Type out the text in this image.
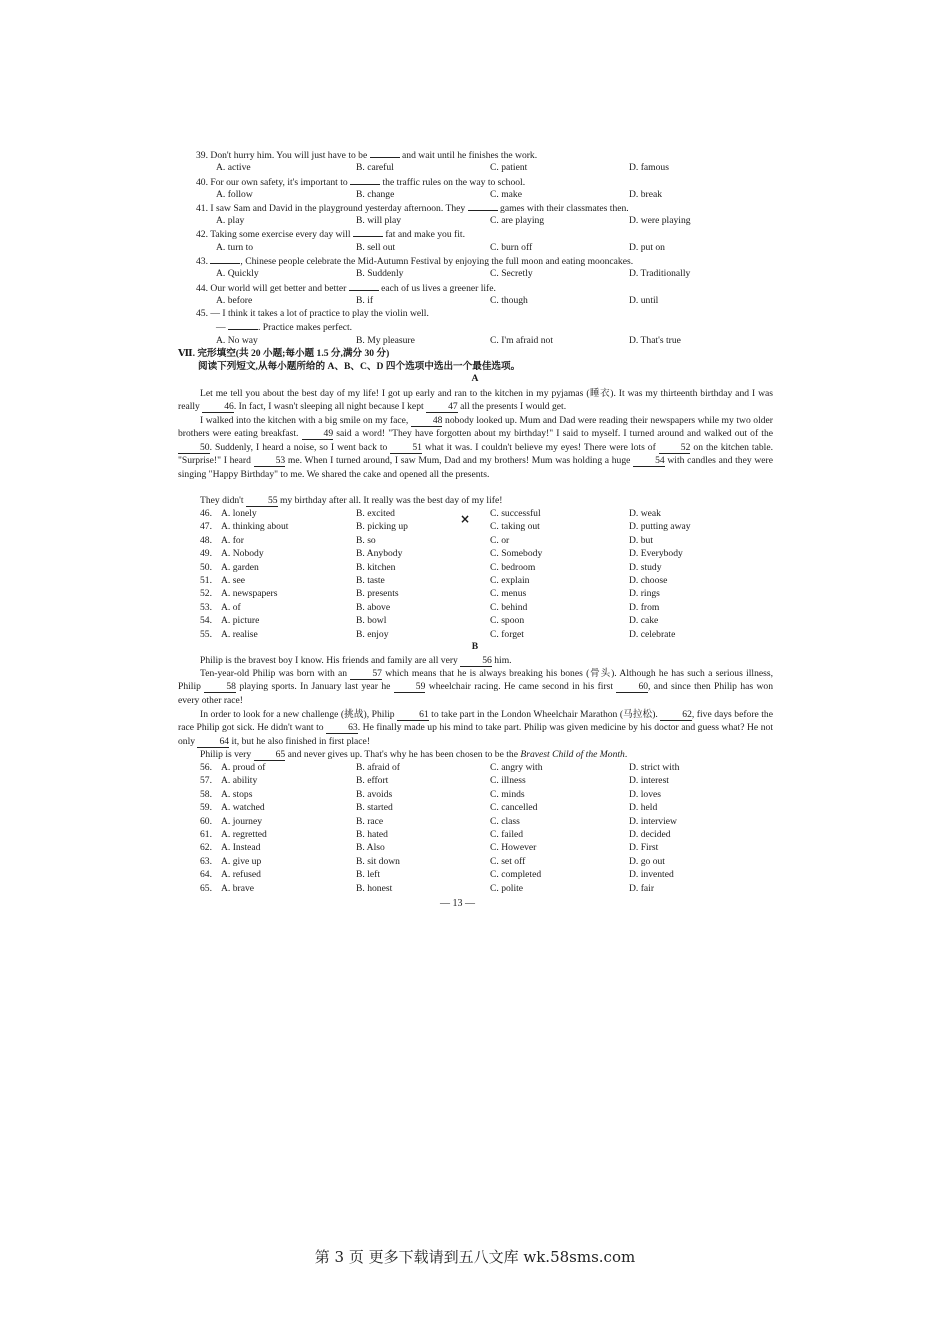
39. Don't hurry him. You will just have to be	and wait until he finishes the work.
A. active	B. careful	C. patient	D. famous
40. For our own safety, it's important to	the traffic rules on the way to school.
A. follow	B. change	C. make	D. break
41. I saw Sam and David in the playground yesterday afternoon. They	games with their classmates then.
A. play	B. will play	C. are playing	D. were playing
42. Taking some exercise every day will	fat and make you fit.
A. turn to	B. sell out	C. burn off	D. put on
43.	, Chinese people celebrate the Mid-Autumn Festival by enjoying the full moon and eating mooncakes.
A. Quickly	B. Suddenly	C. Secretly	D. Traditionally
44. Our world will get better and better	each of us lives a greener life.
A. before	B. if	C. though	D. until
45. — I think it takes a lot of practice to play the violin well.
—	. Practice makes perfect.
A. No way	B. My pleasure	C. I'm afraid not	D. That's true
Ⅶ. 完形填空(共 20 小题;每小题 1.5 分,满分 30 分)
阅读下列短文,从每小题所给的 A、B、C、D 四个选项中选出一个最佳选项。
A
Let me tell you about the best day of my life! I got up early and ran to the kitchen in my pyjamas (睡衣). It was my thirteenth birthday and I was really	46. In fact, I wasn't sleeping all night because I kept	47 all the presents I would get.
I walked into the kitchen with a big smile on my face,	48 nobody looked up. Mum and Dad were reading their newspapers while my two older brothers were eating breakfast.	49 said a word! "They have forgotten about my birthday!" I said to myself. I turned around and walked out of the 50. Suddenly, I heard a noise, so I went back to	51 what it was. I couldn't believe my eyes! There were lots of	52 on the kitchen table. "Surprise!" I heard	53 me. When I turned around, I saw Mum, Dad and my brothers! Mum was holding a huge	54 with candles and they were singing "Happy Birthday" to me. We shared the cake and opened all the presents.
They didn't	55 my birthday after all. It really was the best day of my life!
×
46. A. lonely	B. excited	C. successful	D. weak
47. A. thinking about	B. picking up	C. taking out	D. putting away
48. A. for	B. so	C. or	D. but
49. A. Nobody	B. Anybody	C. Somebody	D. Everybody
50. A. garden	B. kitchen	C. bedroom	D. study
51. A. see	B. taste	C. explain	D. choose
52. A. newspapers	B. presents	C. menus	D. rings
53. A. of	B. above	C. behind	D. from
54. A. picture	B. bowl	C. spoon	D. cake
55. A. realise	B. enjoy	C. forget	D. celebrate
B
Philip is the bravest boy I know. His friends and family are all very	56 him.
Ten-year-old Philip was born with an	57 which means that he is always breaking his bones (骨头). Although he has such a serious illness, Philip	58 playing sports. In January last year he	59 wheelchair racing. He came second in his first	60, and since then Philip has won every other race!
In order to look for a new challenge (挑战), Philip	61 to take part in the London Wheelchair Marathon (马拉松).	62, five days before the race Philip got sick. He didn't want to	63. He finally made up his mind to take part. Philip was given medicine by his doctor and guess what? He not only	64 it, but he also finished in first place!
Philip is very	65 and never gives up. That's why he has been chosen to be the Bravest Child of the Month.
56. A. proud of	B. afraid of	C. angry with	D. strict with
57. A. ability	B. effort	C. illness	D. interest
58. A. stops	B. avoids	C. minds	D. loves
59. A. watched	B. started	C. cancelled	D. held
60. A. journey	B. race	C. class	D. interview
61. A. regretted	B. hated	C. failed	D. decided
62. A. Instead	B. Also	C. However	D. First
63. A. give up	B. sit down	C. set off	D. go out
64. A. refused	B. left	C. completed	D. invented
65. A. brave	B. honest	C. polite	D. fair
— 13 —
第 3 页 更多下载请到五八文库 wk.58sms.com
